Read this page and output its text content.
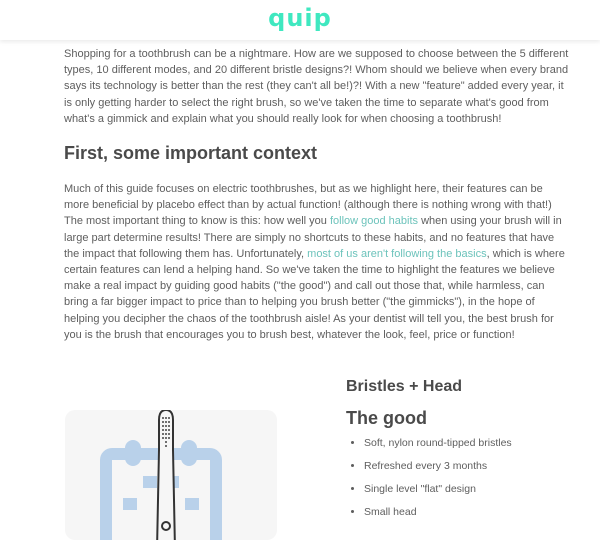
quip

Shopping for a toothbrush can be a nightmare. How are we supposed to choose between the 5 different types, 10 different modes, and 20 different bristle designs?! Whom should we believe when every brand says its technology is better than the rest (they can't all be!)?! With a new "feature" added every year, it is only getting harder to select the right brush, so we've taken the time to separate what's good from what's a gimmick and explain what you should really look for when choosing a toothbrush!

First, some important context

Much of this guide focuses on electric toothbrushes, but as we highlight here, their features can be more beneficial by placebo effect than by actual function! (although there is nothing wrong with that!) The most important thing to know is this: how well you follow good habits when using your brush will in large part determine results! There are simply no shortcuts to these habits, and no features that have the impact that following them has. Unfortunately, most of us aren't following the basics, which is where certain features can lend a helping hand. So we've taken the time to highlight the features we believe make a real impact by guiding good habits ("the good") and call out those that, while harmless, can bring a far bigger impact to price than to helping you brush better ("the gimmicks"), in the hope of helping you decipher the chaos of the toothbrush aisle! As your dentist will tell you, the best brush for you is the brush that encourages you to brush best, whatever the look, feel, price or function!

Bristles + Head
The good
• Soft, nylon round-tipped bristles
• Refreshed every 3 months
• Single level "flat" design
• Small head
